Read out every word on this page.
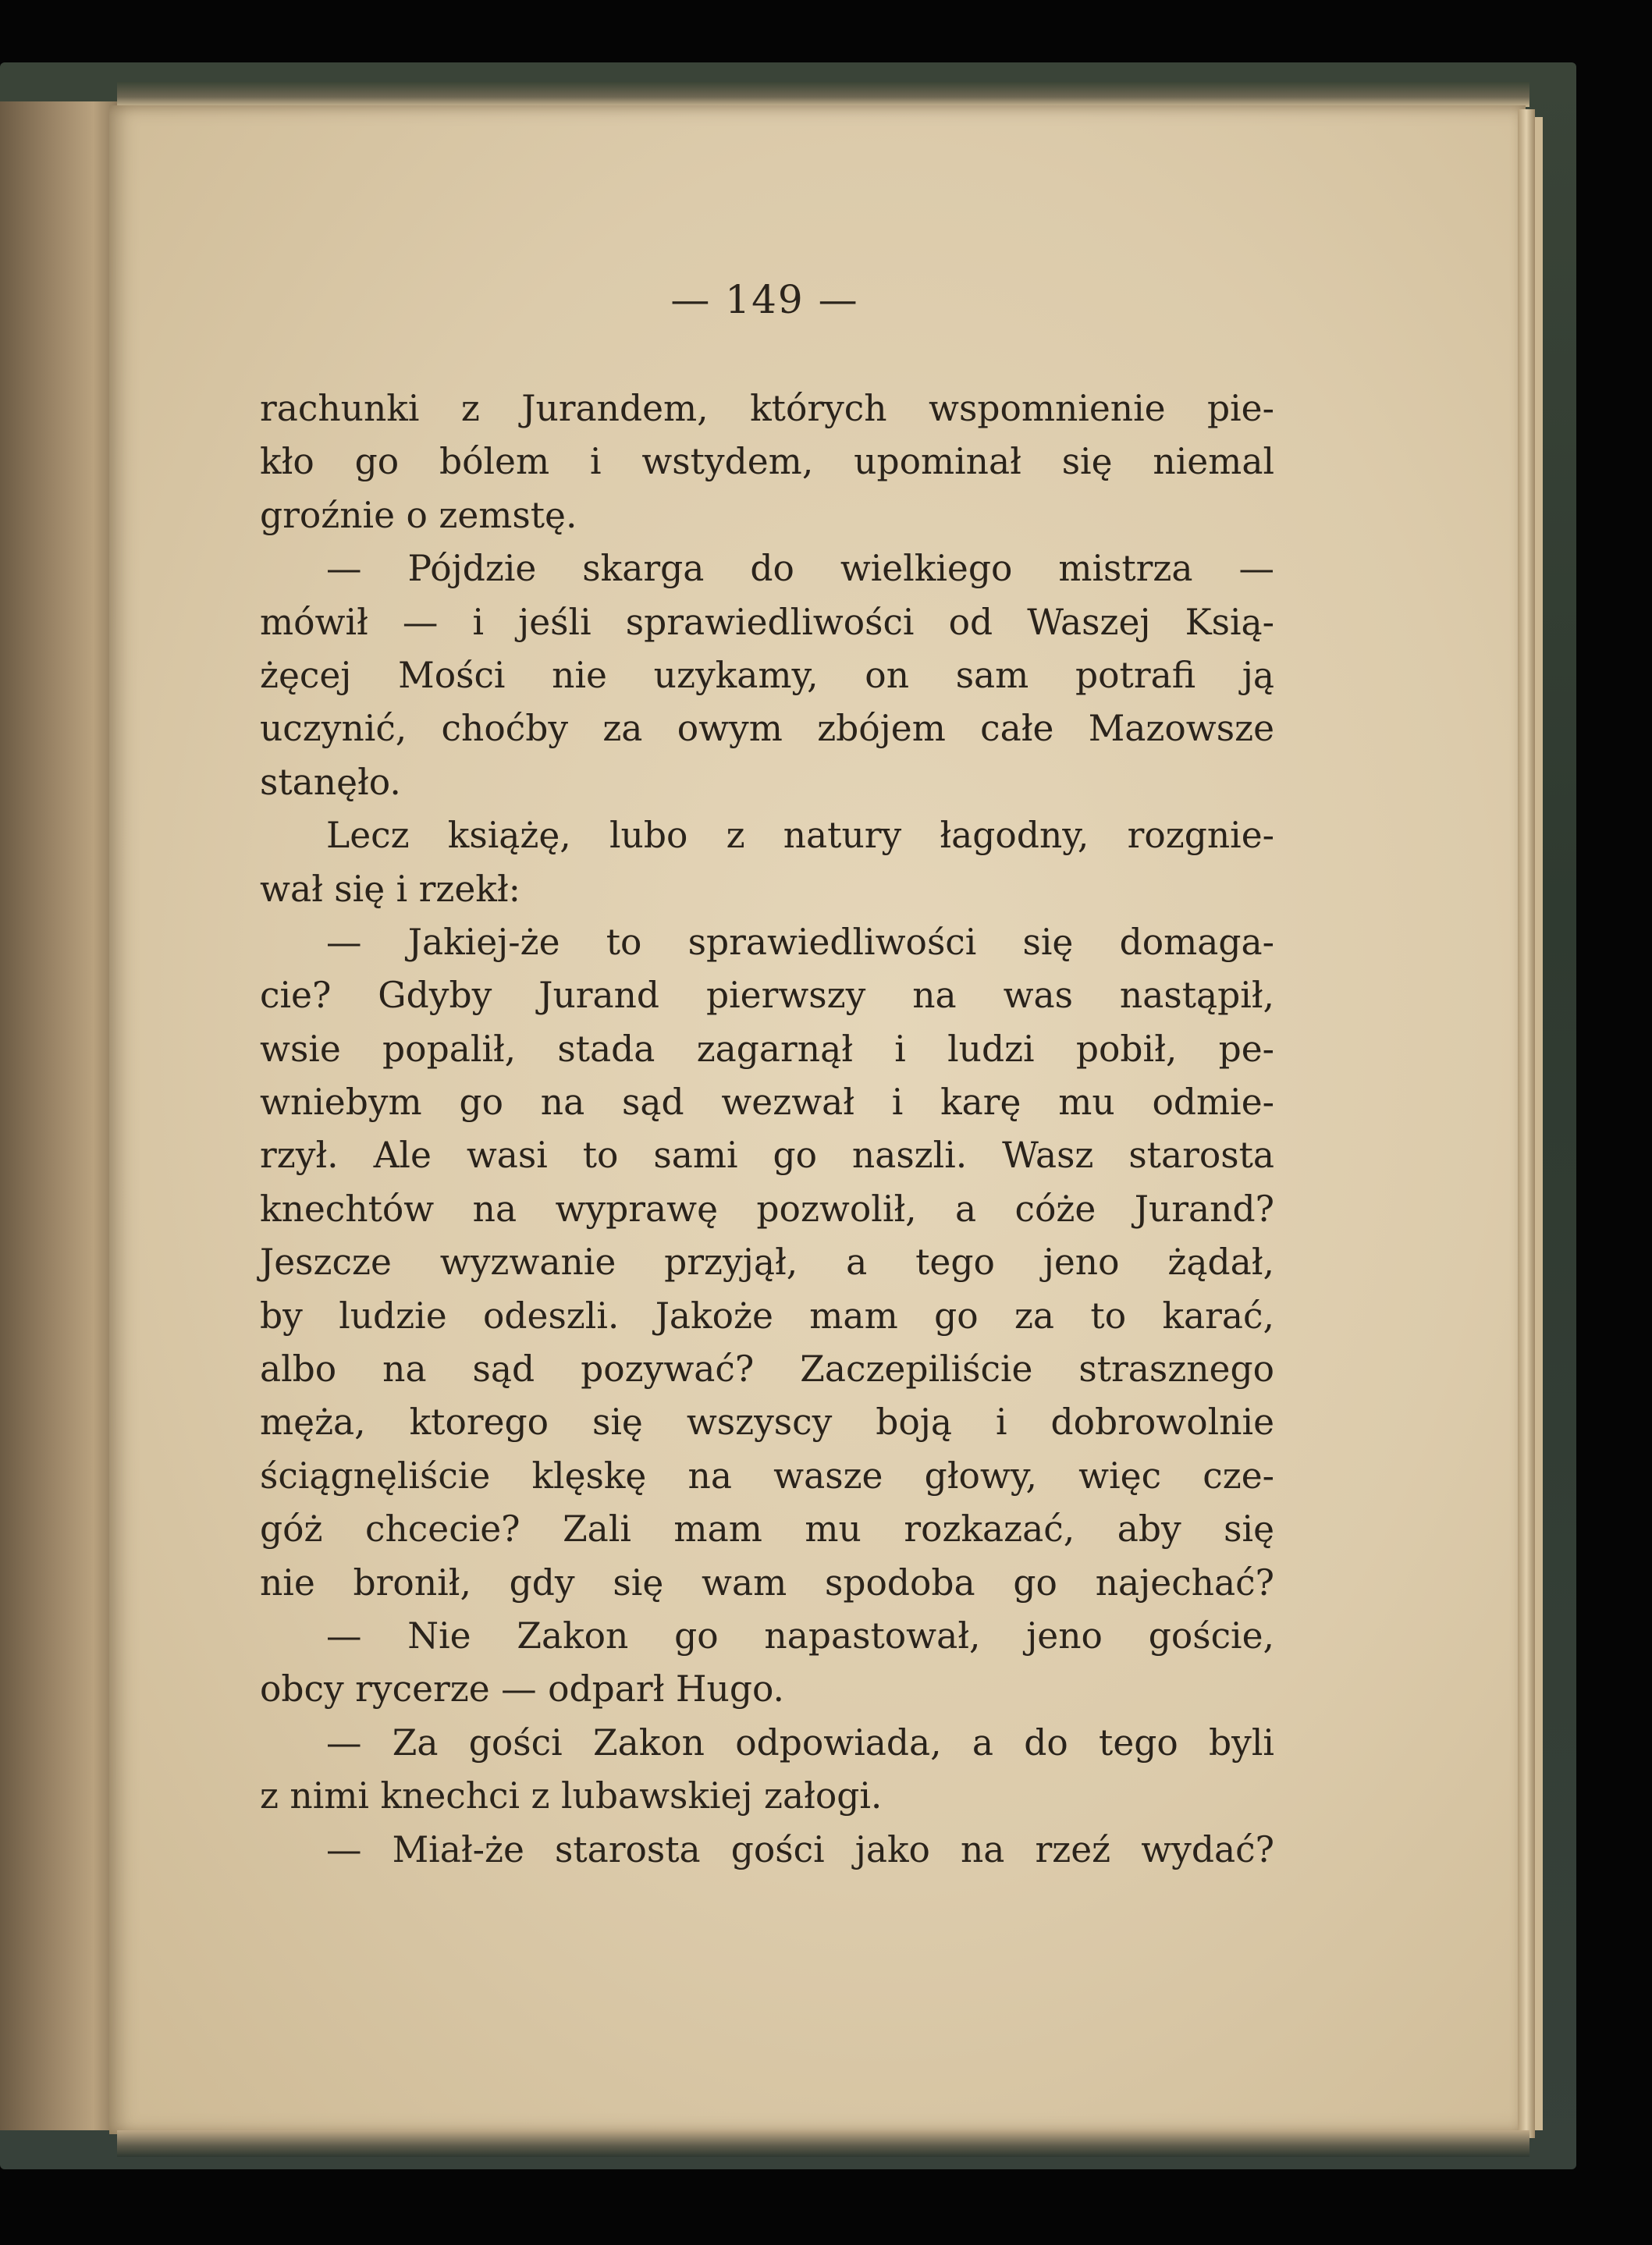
— 149 —
rachunki z Jurandem, których wspomnienie pie-
kło go bólem i wstydem, upominał się niemal
groźnie o zemstę.
— Pójdzie skarga do wielkiego mistrza —
mówił — i jeśli sprawiedliwości od Waszej Ksią-
żęcej Mości nie uzykamy, on sam potrafi ją
uczynić, choćby za owym zbójem całe Mazowsze
stanęło.
Lecz książę, lubo z natury łagodny, rozgnie-
wał się i rzekł:
— Jakiej-że to sprawiedliwości się domaga-
cie? Gdyby Jurand pierwszy na was nastąpił,
wsie popalił, stada zagarnął i ludzi pobił, pe-
wniebym go na sąd wezwał i karę mu odmie-
rzył. Ale wasi to sami go naszli. Wasz starosta
knechtów na wyprawę pozwolił, a cóże Jurand?
Jeszcze wyzwanie przyjął, a tego jeno żądał,
by ludzie odeszli. Jakoże mam go za to karać,
albo na sąd pozywać? Zaczepiliście strasznego
męża, ktorego się wszyscy boją i dobrowolnie
ściągnęliście klęskę na wasze głowy, więc cze-
góż chcecie? Zali mam mu rozkazać, aby się
nie bronił, gdy się wam spodoba go najechać?
— Nie Zakon go napastował, jeno goście,
obcy rycerze — odparł Hugo.
— Za gości Zakon odpowiada, a do tego byli
z nimi knechci z lubawskiej załogi.
— Miał-że starosta gości jako na rzeź wydać?
